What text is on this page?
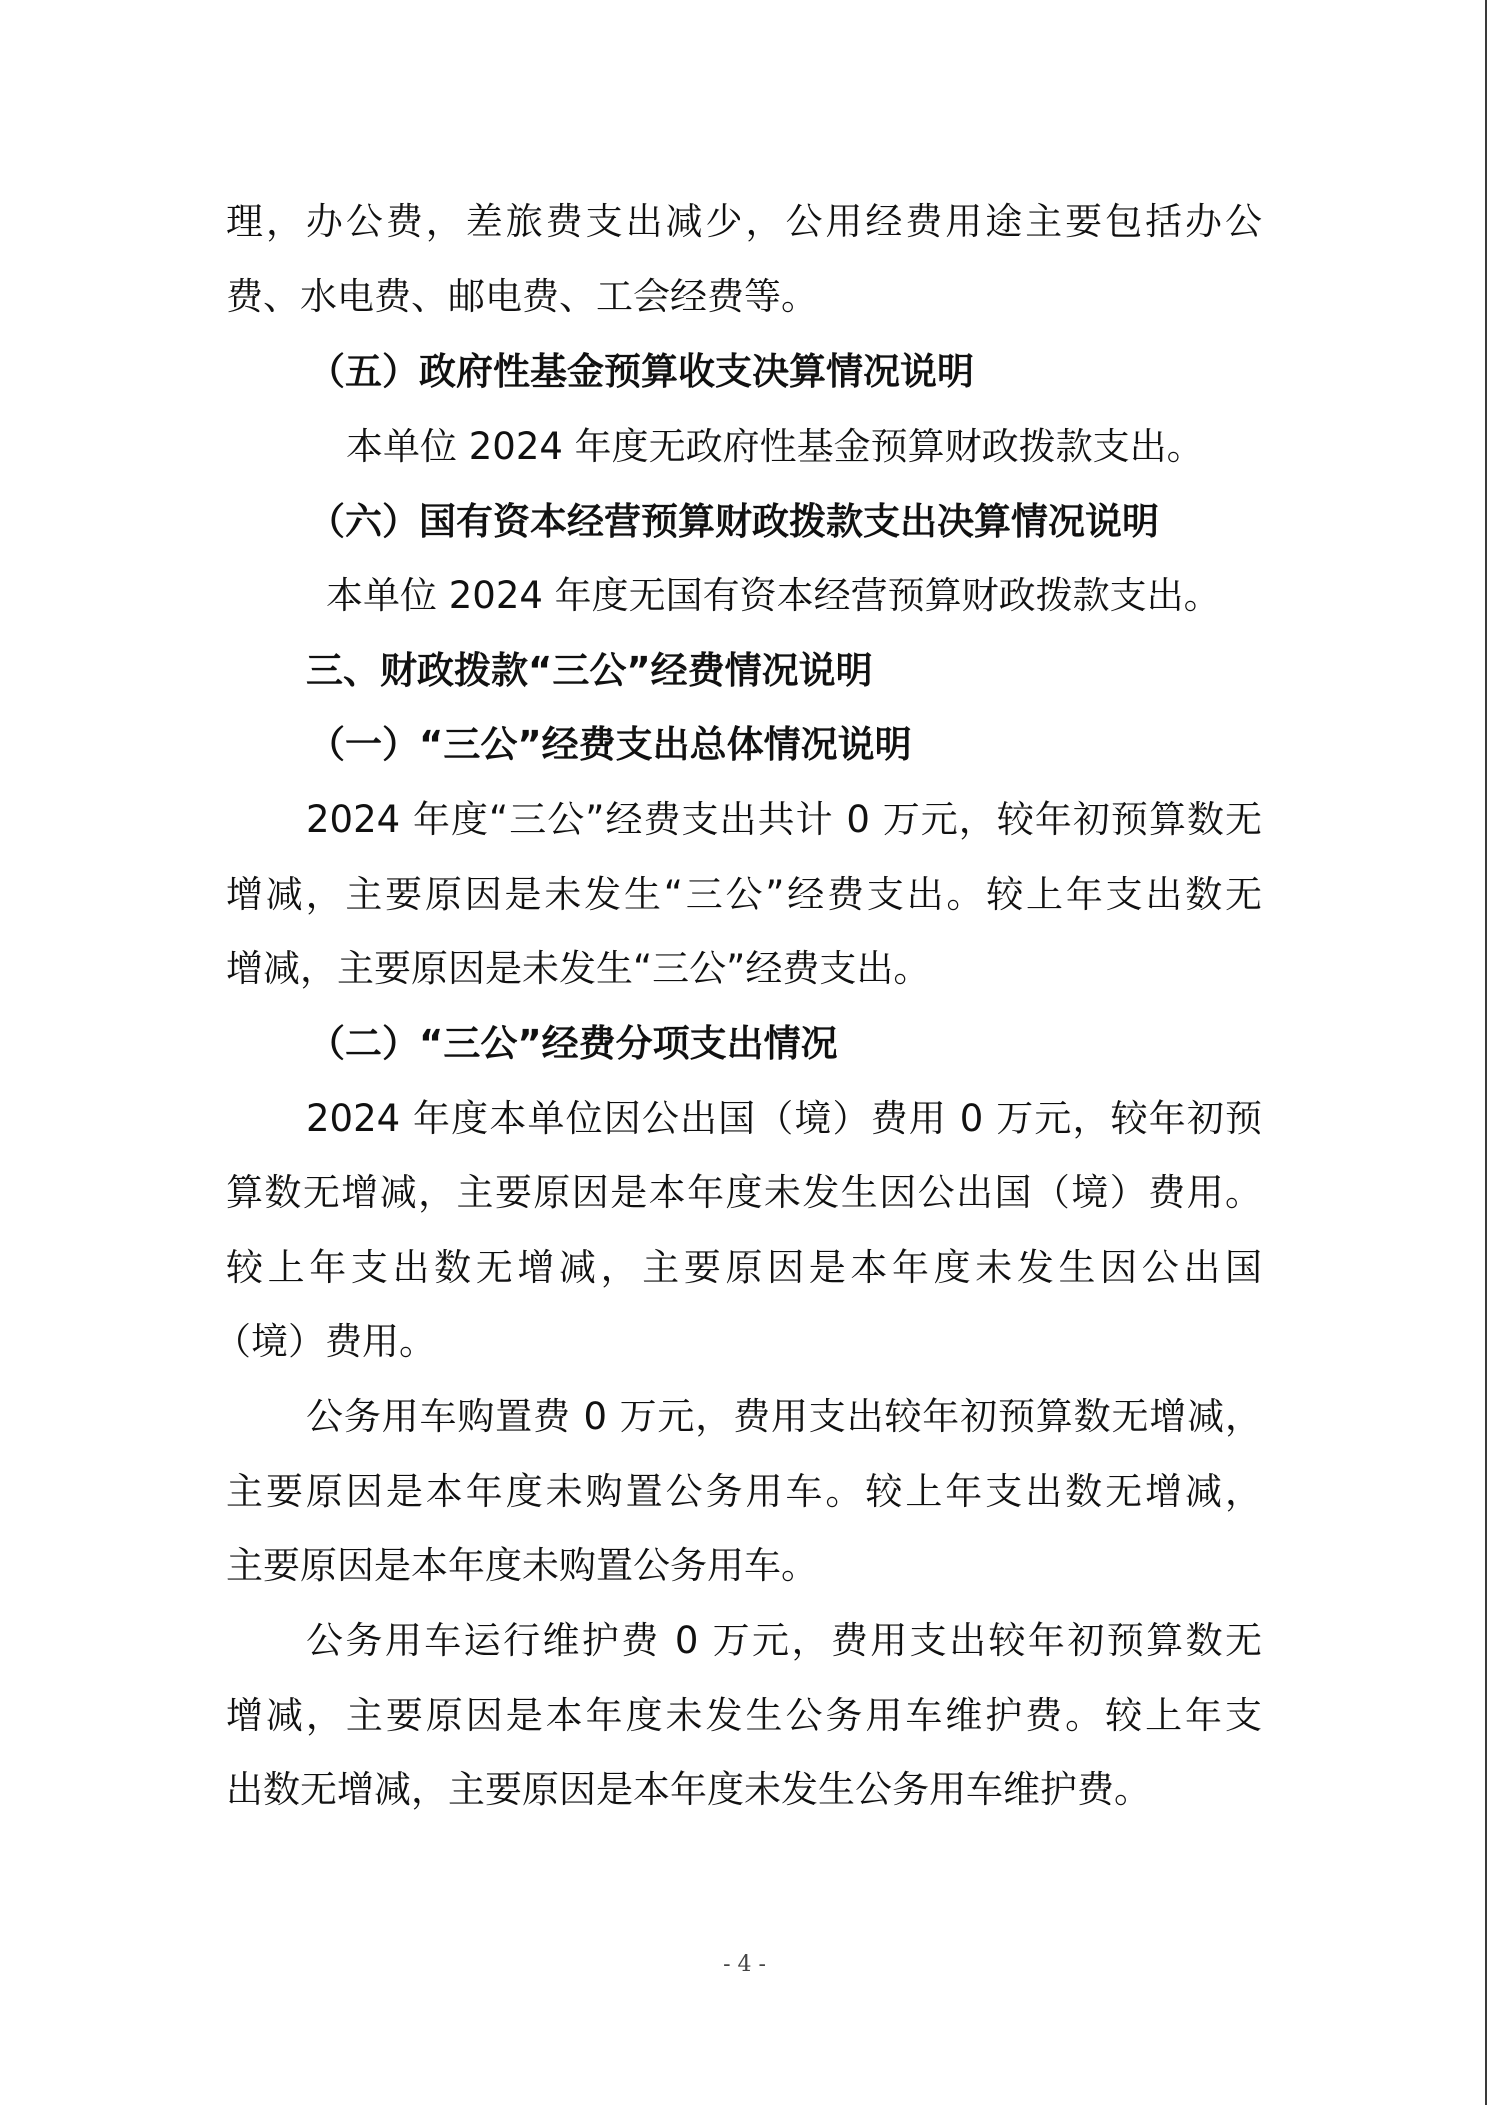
理，办公费，差旅费支出减少，公用经费用途主要包括办公
费、水电费、邮电费、工会经费等。
（五）政府性基金预算收支决算情况说明
本单位 2024 年度无政府性基金预算财政拨款支出。
（六）国有资本经营预算财政拨款支出决算情况说明
本单位 2024 年度无国有资本经营预算财政拨款支出。
三、财政拨款“三公”经费情况说明
（一）“三公”经费支出总体情况说明
2024 年度“三公”经费支出共计 0 万元，较年初预算数无
增减，主要原因是未发生“三公”经费支出。较上年支出数无
增减，主要原因是未发生“三公”经费支出。
（二）“三公”经费分项支出情况
2024 年度本单位因公出国（境）费用 0 万元，较年初预
算数无增减，主要原因是本年度未发生因公出国（境）费用。
较上年支出数无增减，主要原因是本年度未发生因公出国
（境）费用。
公务用车购置费 0 万元，费用支出较年初预算数无增减，
主要原因是本年度未购置公务用车。较上年支出数无增减，
主要原因是本年度未购置公务用车。
公务用车运行维护费 0 万元，费用支出较年初预算数无
增减，主要原因是本年度未发生公务用车维护费。较上年支
出数无增减，主要原因是本年度未发生公务用车维护费。
- 4 -
